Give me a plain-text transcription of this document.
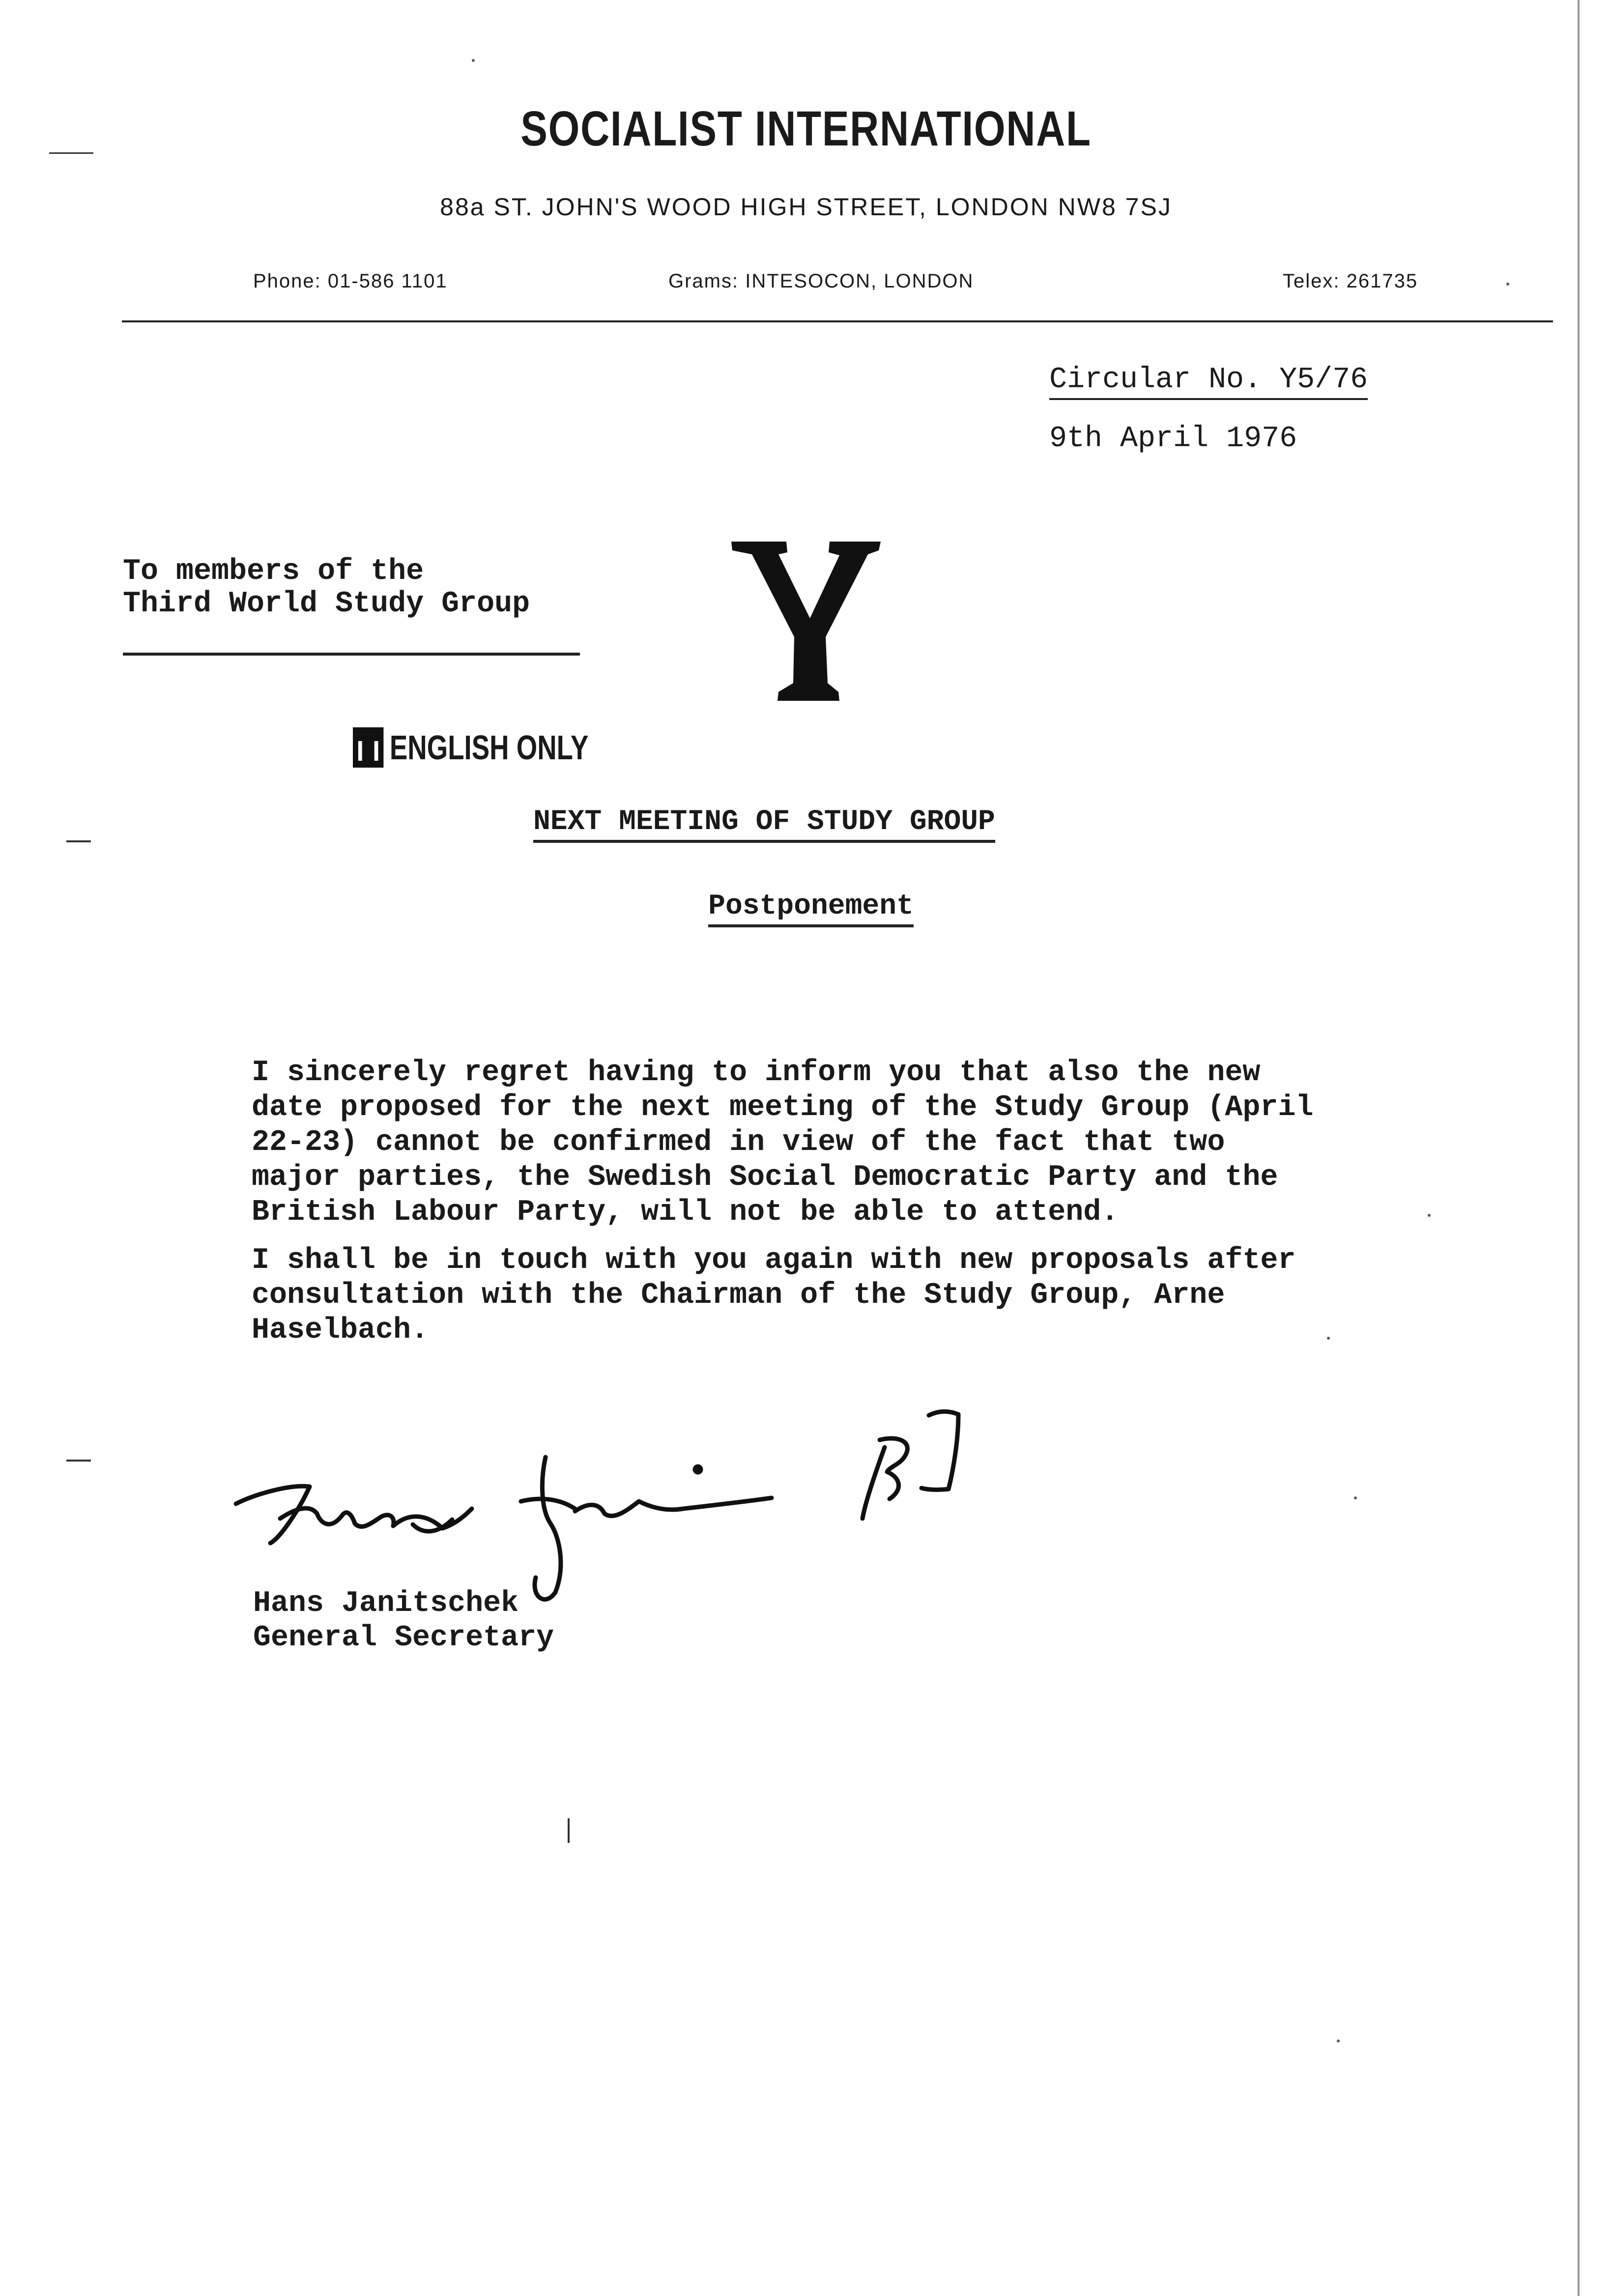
SOCIALIST INTERNATIONAL
88a ST. JOHN'S WOOD HIGH STREET, LONDON NW8 7SJ
Phone: 01-586 1101	Grams: INTESOCON, LONDON	Telex: 261735
Circular No. Y5/76
9th April 1976
To members of the
Third World Study Group
ENGLISH ONLY
NEXT MEETING OF STUDY GROUP
Postponement
I sincerely regret having to inform you that also the new
date proposed for the next meeting of the Study Group (April
22-23) cannot be confirmed in view of the fact that two
major parties, the Swedish Social Democratic Party and the
British Labour Party, will not be able to attend.
I shall be in touch with you again with new proposals after
consultation with the Chairman of the Study Group, Arne
Haselbach.
Hans Janitschek
General Secretary
